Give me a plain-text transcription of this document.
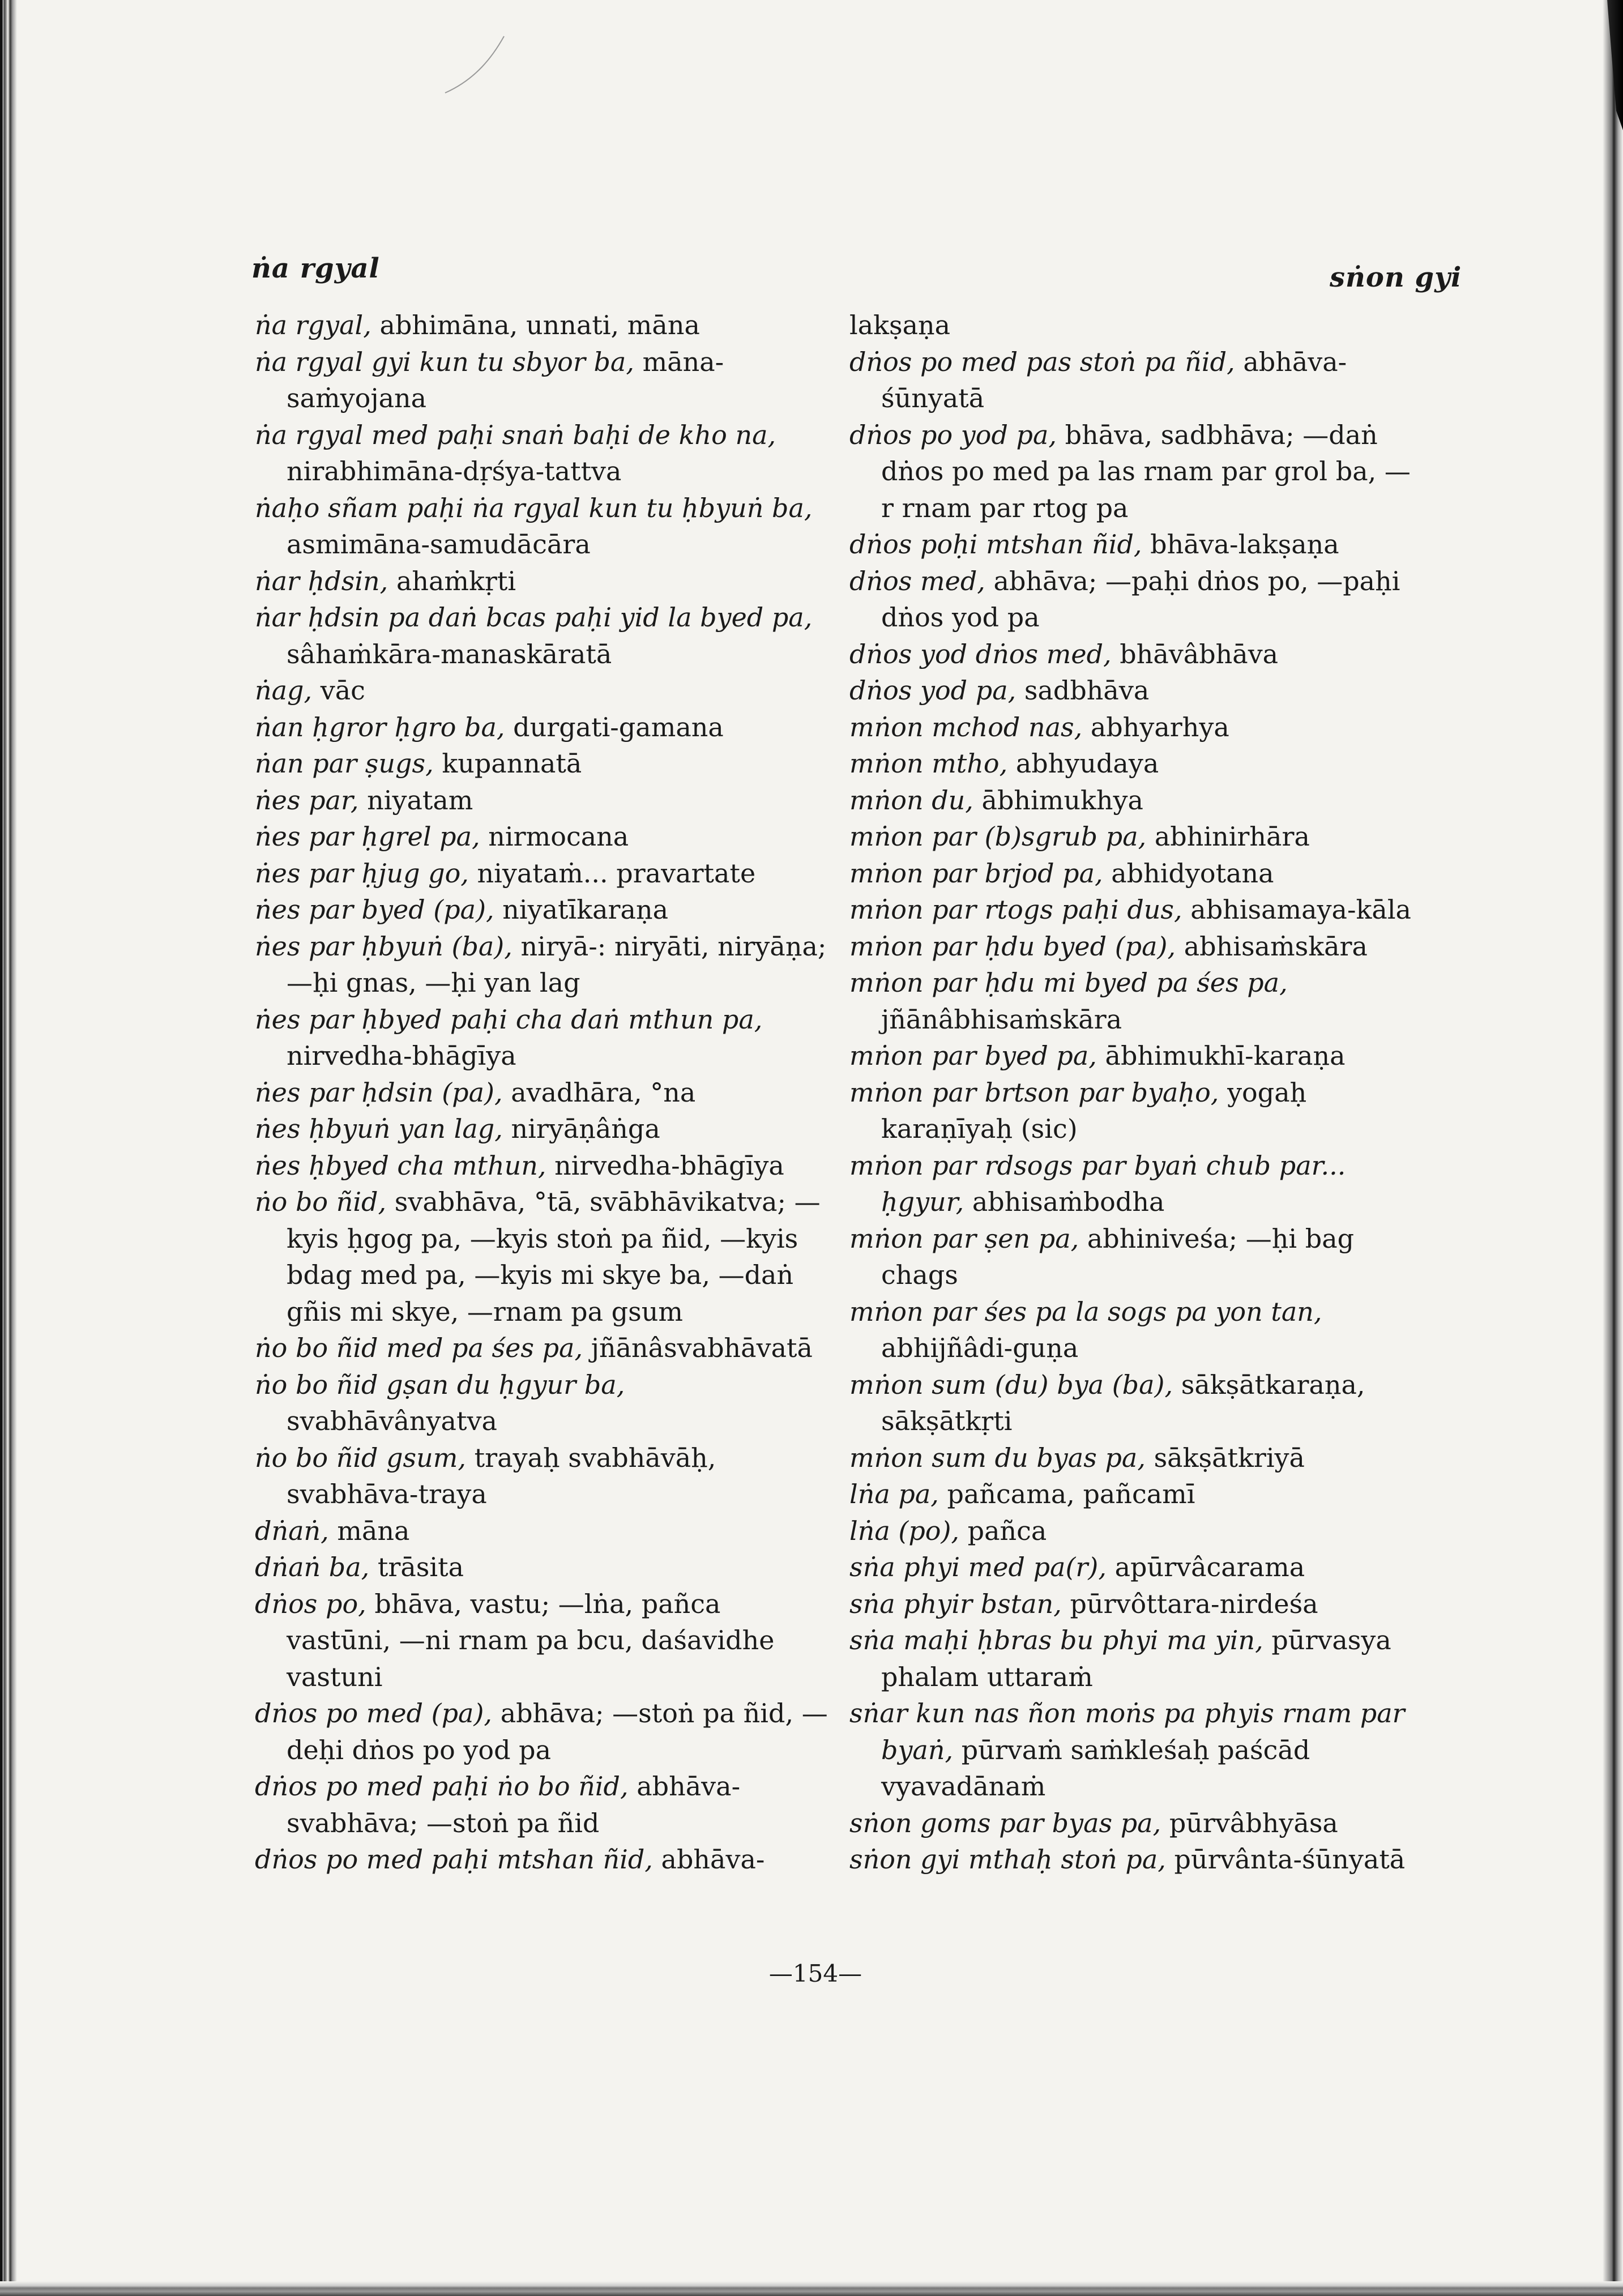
ṅa rgyal	sṅon gyi
ṅa rgyal, abhimāna, unnati, māna
ṅa rgyal gyi kun tu sbyor ba, māna-saṁyojana
ṅa rgyal med paḥi snaṅ baḥi de kho na, nirabhimāna-dṛśya-tattva
ṅaḥo sñam paḥi ṅa rgyal kun tu ḥbyuṅ ba, asmimāna-samudācāra
ṅar ḥdsin, ahaṁkṛti
ṅar ḥdsin pa daṅ bcas paḥi yid la byed pa, sâhaṁkāra-manaskāratā
ṅag, vāc
ṅan ḥgror ḥgro ba, durgati-gamana
ṅan par ṣugs, kupannatā
ṅes par, niyatam
ṅes par ḥgrel pa, nirmocana
ṅes par ḥjug go, niyataṁ... pravartate
ṅes par byed (pa), niyatīkaraṇa
ṅes par ḥbyuṅ (ba), niryā-: niryāti, niryāṇa; —ḥi gnas, —ḥi yan lag
ṅes par ḥbyed paḥi cha daṅ mthun pa, nirvedha-bhāgīya
ṅes par ḥdsin (pa), avadhāra, °na
ṅes ḥbyuṅ yan lag, niryāṇâṅga
ṅes ḥbyed cha mthun, nirvedha-bhāgīya
ṅo bo ñid, svabhāva, °tā, svābhāvikatva; —kyis ḥgog pa, —kyis stoṅ pa ñid, —kyis bdag med pa, —kyis mi skye ba, —daṅ gñis mi skye, —rnam pa gsum
ṅo bo ñid med pa śes pa, jñānâsvabhāvatā
ṅo bo ñid gṣan du ḥgyur ba, svabhāvânyatva
ṅo bo ñid gsum, trayaḥ svabhāvāḥ, svabhāva-traya
dṅaṅ, māna
dṅaṅ ba, trāsita
dṅos po, bhāva, vastu; —lṅa, pañca vastūni, —ni rnam pa bcu, daśavidhe vastuni
dṅos po med (pa), abhāva; —stoṅ pa ñid, —deḥi dṅos po yod pa
dṅos po med paḥi ṅo bo ñid, abhāva-svabhāva; —stoṅ pa ñid
dṅos po med paḥi mtshan ñid, abhāva-
lakṣaṇa
dṅos po med pas stoṅ pa ñid, abhāva-śūnyatā
dṅos po yod pa, bhāva, sadbhāva; —daṅ dṅos po med pa las rnam par grol ba, —r rnam par rtog pa
dṅos poḥi mtshan ñid, bhāva-lakṣaṇa
dṅos med, abhāva; —paḥi dṅos po, —paḥi dṅos yod pa
dṅos yod dṅos med, bhāvâbhāva
dṅos yod pa, sadbhāva
mṅon mchod nas, abhyarhya
mṅon mtho, abhyudaya
mṅon du, ābhimukhya
mṅon par (b)sgrub pa, abhinirhāra
mṅon par brjod pa, abhidyotana
mṅon par rtogs paḥi dus, abhisamaya-kāla
mṅon par ḥdu byed (pa), abhisaṁskāra
mṅon par ḥdu mi byed pa śes pa, jñānâbhisaṁskāra
mṅon par byed pa, ābhimukhī-karaṇa
mṅon par brtson par byaḥo, yogaḥ karaṇīyaḥ (sic)
mṅon par rdsogs par byaṅ chub par... ḥgyur, abhisaṁbodha
mṅon par ṣen pa, abhiniveśa; —ḥi bag chags
mṅon par śes pa la sogs pa yon tan, abhijñâdi-guṇa
mṅon sum (du) bya (ba), sākṣātkaraṇa, sākṣātkṛti
mṅon sum du byas pa, sākṣātkriyā
lṅa pa, pañcama, pañcamī
lṅa (po), pañca
sṅa phyi med pa(r), apūrvâcarama
sṅa phyir bstan, pūrvôttara-nirdeśa
sṅa maḥi ḥbras bu phyi ma yin, pūrvasya phalam uttaraṁ
sṅar kun nas ñon moṅs pa phyis rnam par byaṅ, pūrvaṁ saṁkleśaḥ paścād vyavadānaṁ
sṅon goms par byas pa, pūrvâbhyāsa
sṅon gyi mthaḥ stoṅ pa, pūrvânta-śūnyatā
—154—
